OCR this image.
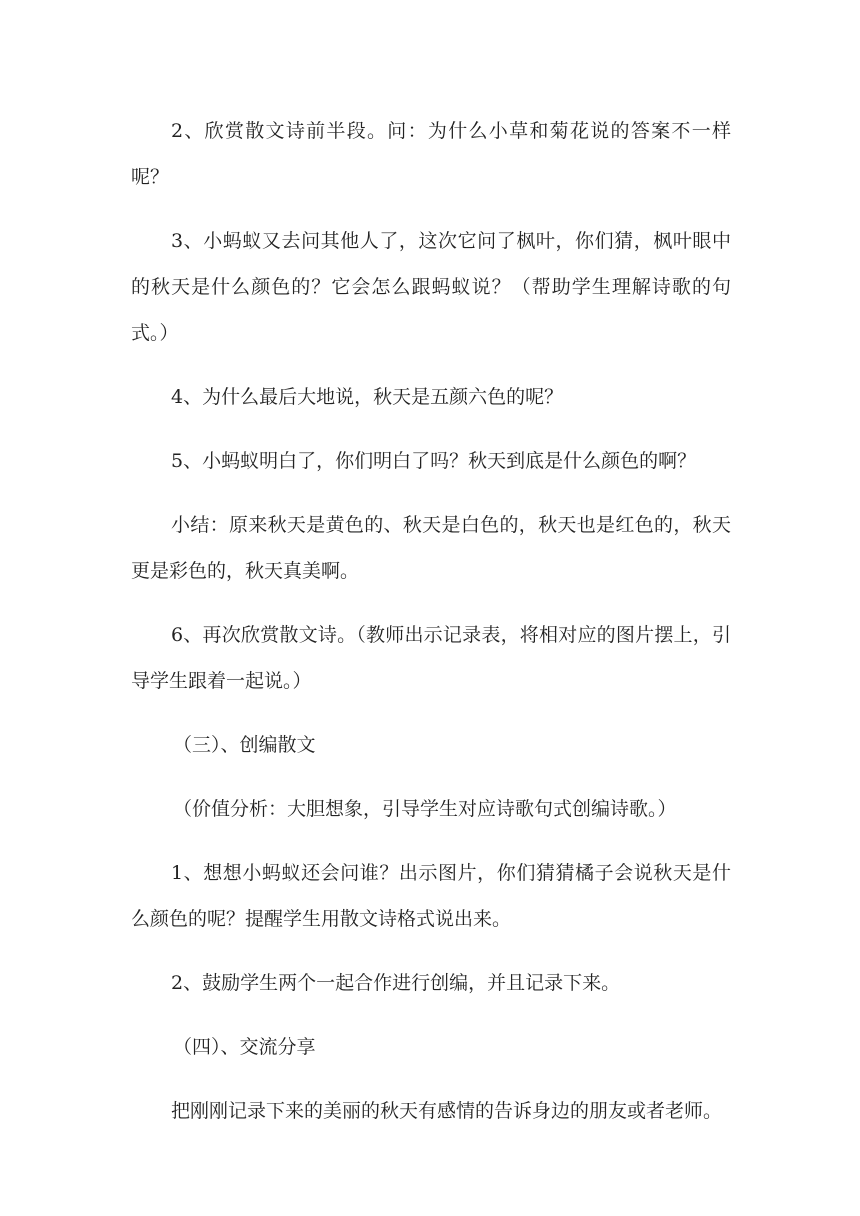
2、欣赏散文诗前半段。问：为什么小草和菊花说的答案不一样呢？

3、小蚂蚁又去问其他人了，这次它问了枫叶，你们猜，枫叶眼中的秋天是什么颜色的？它会怎么跟蚂蚁说？（帮助学生理解诗歌的句式。）

4、为什么最后大地说，秋天是五颜六色的呢？

5、小蚂蚁明白了，你们明白了吗？秋天到底是什么颜色的啊？

小结：原来秋天是黄色的、秋天是白色的，秋天也是红色的，秋天更是彩色的，秋天真美啊。

6、再次欣赏散文诗。（教师出示记录表，将相对应的图片摆上，引导学生跟着一起说。）

（三）、创编散文

（价值分析：大胆想象，引导学生对应诗歌句式创编诗歌。）

1、想想小蚂蚁还会问谁？出示图片，你们猜猜橘子会说秋天是什么颜色的呢？提醒学生用散文诗格式说出来。

2、鼓励学生两个一起合作进行创编，并且记录下来。

（四）、交流分享

把刚刚记录下来的美丽的秋天有感情的告诉身边的朋友或者老师。
